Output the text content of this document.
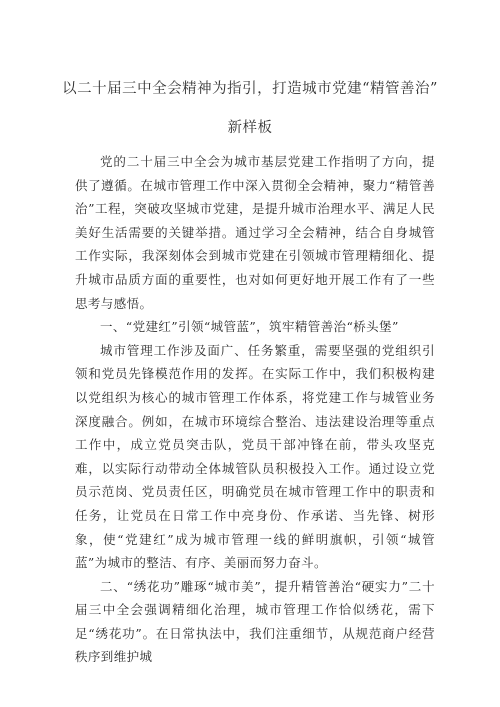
以二十届三中全会精神为指引，打造城市党建“精管善治”
新样板

党的二十届三中全会为城市基层党建工作指明了方向，提供了遵循。在城市管理工作中深入贯彻全会精神，聚力“精管善治”工程，突破攻坚城市党建，是提升城市治理水平、满足人民美好生活需要的关键举措。通过学习全会精神，结合自身城管工作实际，我深刻体会到城市党建在引领城市管理精细化、提升城市品质方面的重要性，也对如何更好地开展工作有了一些思考与感悟。

一、“党建红”引领“城管蓝”，筑牢精管善治“桥头堡”

城市管理工作涉及面广、任务繁重，需要坚强的党组织引领和党员先锋模范作用的发挥。在实际工作中，我们积极构建以党组织为核心的城市管理工作体系，将党建工作与城管业务深度融合。例如，在城市环境综合整治、违法建设治理等重点工作中，成立党员突击队，党员干部冲锋在前，带头攻坚克难，以实际行动带动全体城管队员积极投入工作。通过设立党员示范岗、党员责任区，明确党员在城市管理工作中的职责和任务，让党员在日常工作中亮身份、作承诺、当先锋、树形象，使“党建红”成为城市管理一线的鲜明旗帜，引领“城管蓝”为城市的整洁、有序、美丽而努力奋斗。

二、“绣花功”雕琢“城市美”，提升精管善治“硬实力”二十届三中全会强调精细化治理，城市管理工作恰似绣花，需下足“绣花功”。在日常执法中，我们注重细节，从规范商户经营秩序到维护城
